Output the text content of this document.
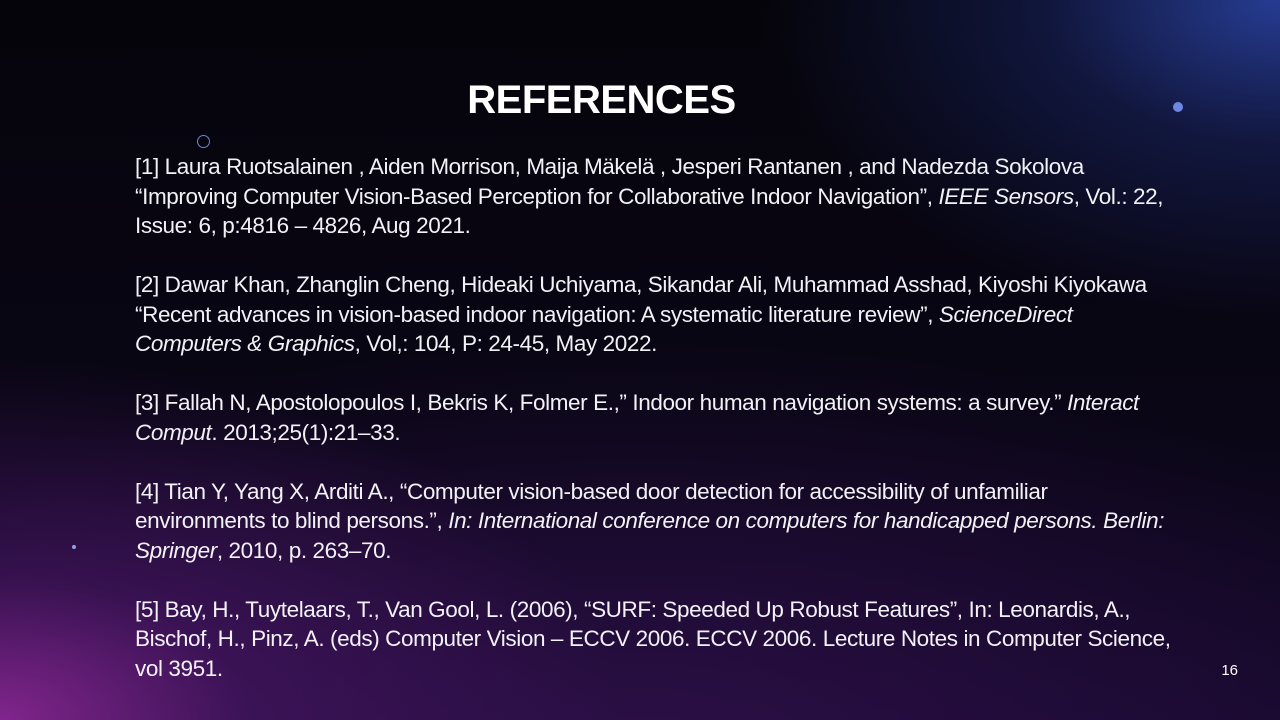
REFERENCES

[1] Laura Ruotsalainen , Aiden Morrison, Maija Mäkelä , Jesperi Rantanen , and Nadezda Sokolova “Improving Computer Vision-Based Perception for Collaborative Indoor Navigation”, IEEE Sensors, Vol.: 22, Issue: 6, p:4816 – 4826, Aug 2021.

[2] Dawar Khan, Zhanglin Cheng, Hideaki Uchiyama, Sikandar Ali, Muhammad Asshad, Kiyoshi Kiyokawa “Recent advances in vision-based indoor navigation: A systematic literature review”, ScienceDirect Computers & Graphics, Vol,: 104, P: 24-45, May 2022.

[3] Fallah N, Apostolopoulos I, Bekris K, Folmer E.,” Indoor human navigation systems: a survey.” Interact Comput. 2013;25(1):21–33.

[4] Tian Y, Yang X, Arditi A., “Computer vision-based door detection for accessibility of unfamiliar environments to blind persons.”, In: International conference on computers for handicapped persons. Berlin: Springer, 2010, p. 263–70.

[5] Bay, H., Tuytelaars, T., Van Gool, L. (2006), “SURF: Speeded Up Robust Features”, In: Leonardis, A., Bischof, H., Pinz, A. (eds) Computer Vision – ECCV 2006. ECCV 2006. Lecture Notes in Computer Science, vol 3951.	16
